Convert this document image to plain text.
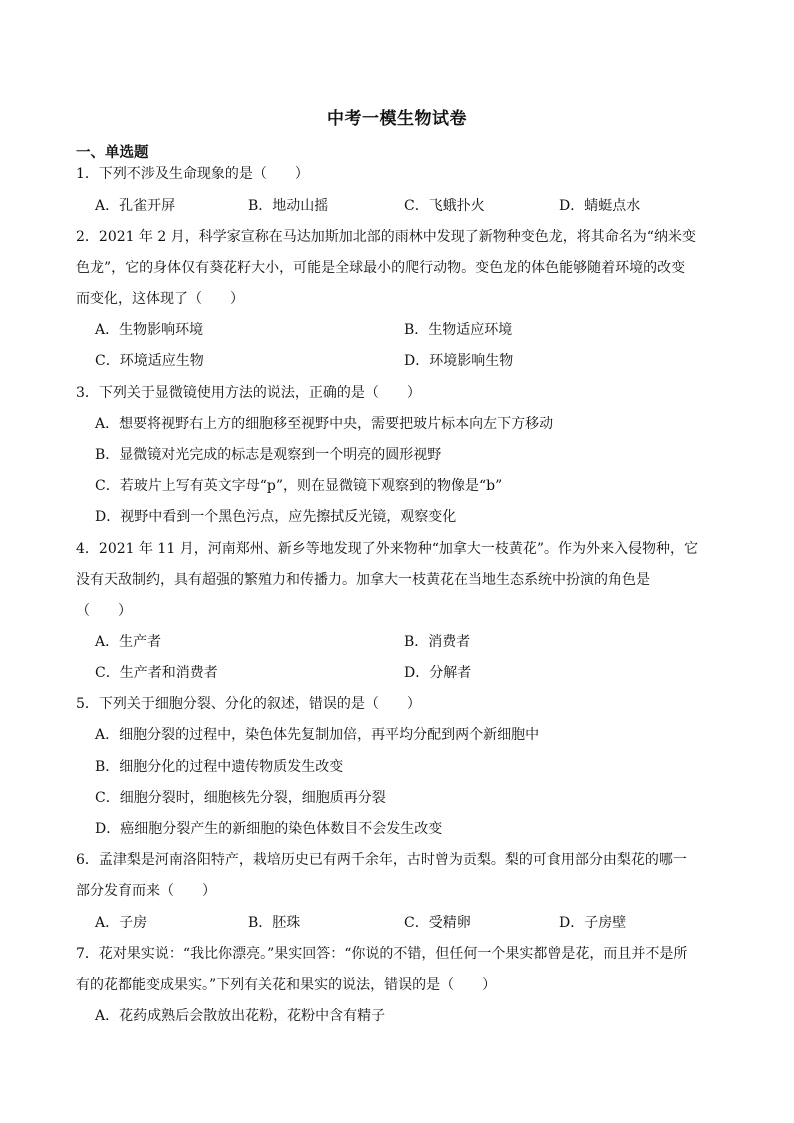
中考一模生物试卷
一、单选题
1．下列不涉及生命现象的是（　　）
A．孔雀开屏	B．地动山摇	C．飞蛾扑火	D．蜻蜓点水
2．2021 年 2 月，科学家宣称在马达加斯加北部的雨林中发现了新物种变色龙，将其命名为“纳米变
色龙”，它的身体仅有葵花籽大小，可能是全球最小的爬行动物。变色龙的体色能够随着环境的改变
而变化，这体现了（　　）
A．生物影响环境	B．生物适应环境
C．环境适应生物	D．环境影响生物
3．下列关于显微镜使用方法的说法，正确的是（　　）
A．想要将视野右上方的细胞移至视野中央，需要把玻片标本向左下方移动
B．显微镜对光完成的标志是观察到一个明亮的圆形视野
C．若玻片上写有英文字母“p”，则在显微镜下观察到的物像是“b”
D．视野中看到一个黑色污点，应先擦拭反光镜，观察变化
4．2021 年 11 月，河南郑州、新乡等地发现了外来物种“加拿大一枝黄花”。作为外来入侵物种，它
没有天敌制约，具有超强的繁殖力和传播力。加拿大一枝黄花在当地生态系统中扮演的角色是
（　　）
A．生产者	B．消费者
C．生产者和消费者	D．分解者
5．下列关于细胞分裂、分化的叙述，错误的是（　　）
A．细胞分裂的过程中，染色体先复制加倍，再平均分配到两个新细胞中
B．细胞分化的过程中遗传物质发生改变
C．细胞分裂时，细胞核先分裂，细胞质再分裂
D．癌细胞分裂产生的新细胞的染色体数目不会发生改变
6．孟津梨是河南洛阳特产，栽培历史已有两千余年，古时曾为贡梨。梨的可食用部分由梨花的哪一
部分发育而来（　　）
A．子房	B．胚珠	C．受精卵	D．子房壁
7．花对果实说：“我比你漂亮。”果实回答：“你说的不错，但任何一个果实都曾是花，而且并不是所
有的花都能变成果实。”下列有关花和果实的说法，错误的是（　　）
A．花药成熟后会散放出花粉，花粉中含有精子
